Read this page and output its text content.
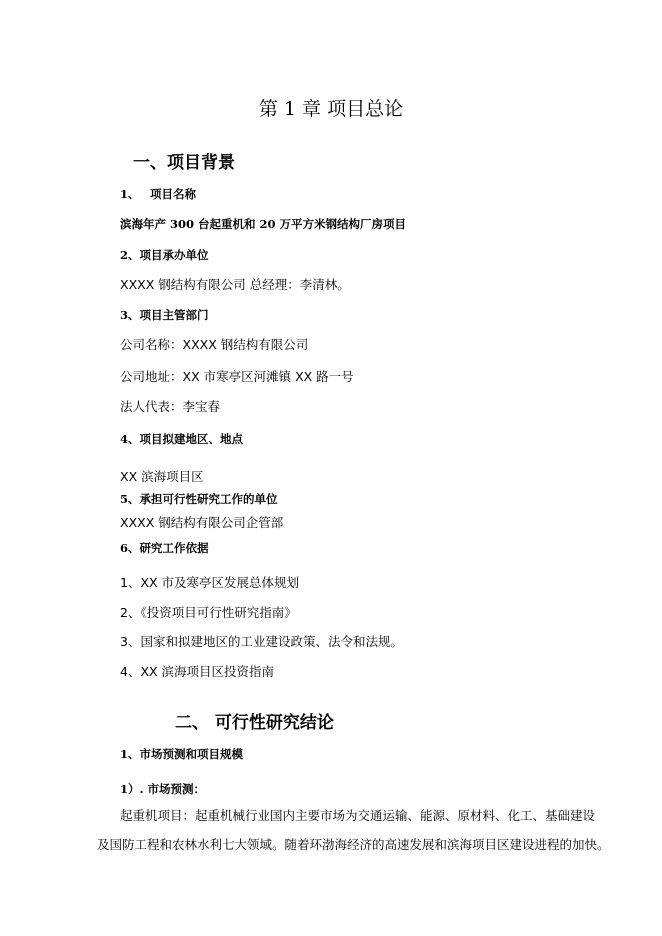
第 1 章 项目总论
一、项目背景
1、 项目名称
滨海年产 300 台起重机和 20 万平方米钢结构厂房项目
2、项目承办单位
XXXX 钢结构有限公司 总经理：李清林。
3、项目主管部门
公司名称：XXXX 钢结构有限公司
公司地址：XX 市寒亭区河滩镇 XX 路一号
法人代表：李宝春
4、项目拟建地区、地点
XX 滨海项目区
5、承担可行性研究工作的单位
XXXX 钢结构有限公司企管部
6、研究工作依据
1、XX 市及寒亭区发展总体规划
2、《投资项目可行性研究指南》
3、国家和拟建地区的工业建设政策、法令和法规。
4、XX 滨海项目区投资指南
二、 可行性研究结论
1、市场预测和项目规模
1）. 市场预测：
起重机项目：起重机械行业国内主要市场为交通运输、能源、原材料、化工、基础建设
及国防工程和农林水利七大领域。随着环渤海经济的高速发展和滨海项目区建设进程的加快。
